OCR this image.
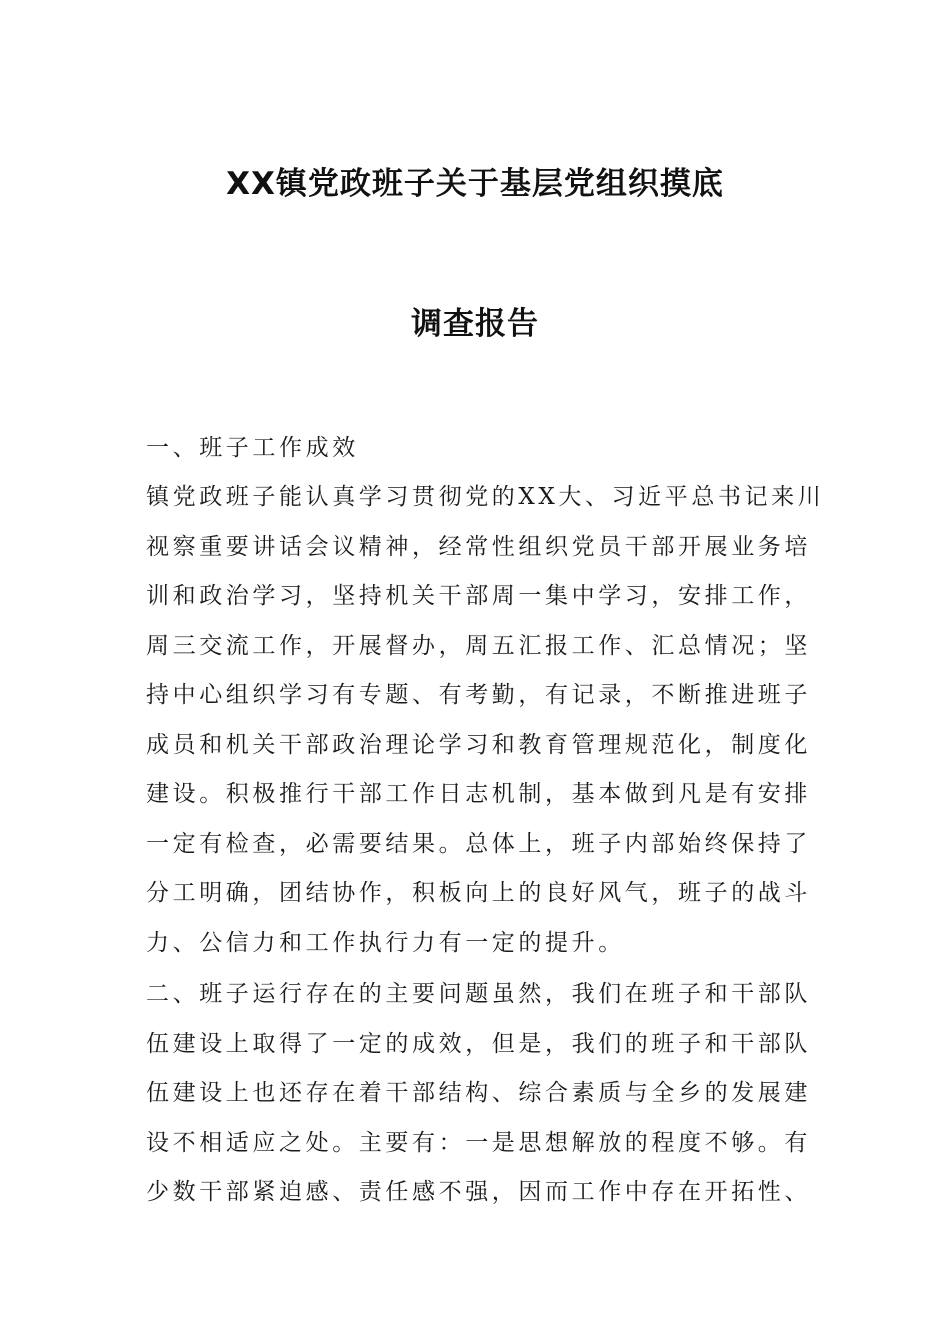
XX镇党政班子关于基层党组织摸底
调查报告

一、班子工作成效

镇党政班子能认真学习贯彻党的XX大、习近平总书记来川
视察重要讲话会议精神，经常性组织党员干部开展业务培
训和政治学习，坚持机关干部周一集中学习，安排工作，
周三交流工作，开展督办，周五汇报工作、汇总情况；坚
持中心组织学习有专题、有考勤，有记录，不断推进班子
成员和机关干部政治理论学习和教育管理规范化，制度化
建设。积极推行干部工作日志机制，基本做到凡是有安排
一定有检查，必需要结果。总体上，班子内部始终保持了
分工明确，团结协作，积板向上的良好风气，班子的战斗
力、公信力和工作执行力有一定的提升。
二、班子运行存在的主要问题虽然，我们在班子和干部队
伍建设上取得了一定的成效，但是，我们的班子和干部队
伍建设上也还存在着干部结构、综合素质与全乡的发展建
设不相适应之处。主要有：一是思想解放的程度不够。有
少数干部紧迫感、责任感不强，因而工作中存在开拓性、
